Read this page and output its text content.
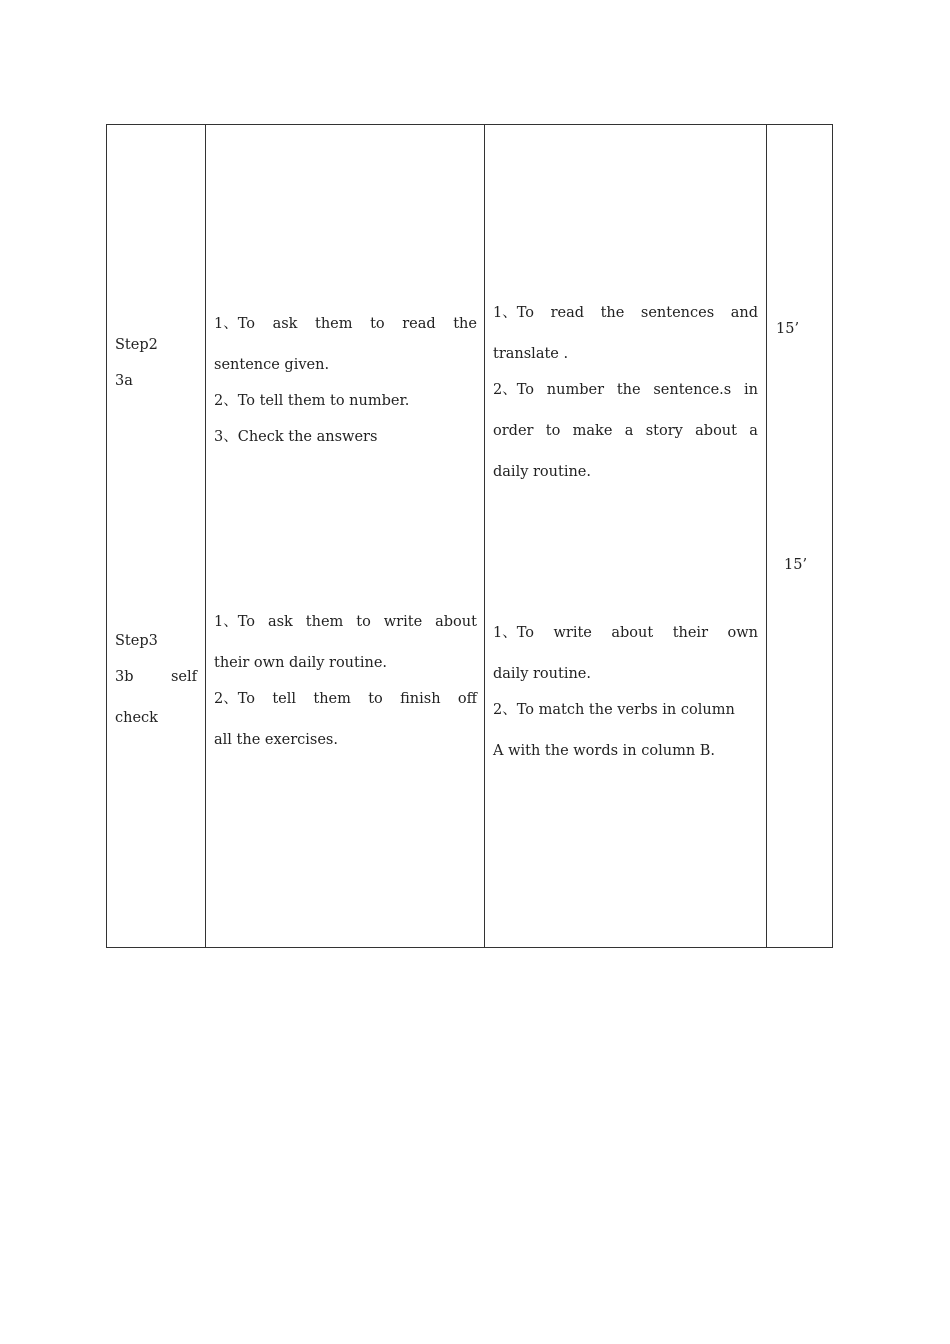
Step2
3a
1、To ask them to read the
sentence given.
2、To tell them to number.
3、Check the answers
1、To read the sentences and
translate .
2、To number the sentence.s in
order to make a story about a
daily routine.
15’
Step3
3b	self
check
1、To ask them to write about
their own daily routine.
2、To tell them to finish off
all the exercises.
1、To write about their own
daily routine.
2、To match the verbs in column
A with the words in column B.
15’
